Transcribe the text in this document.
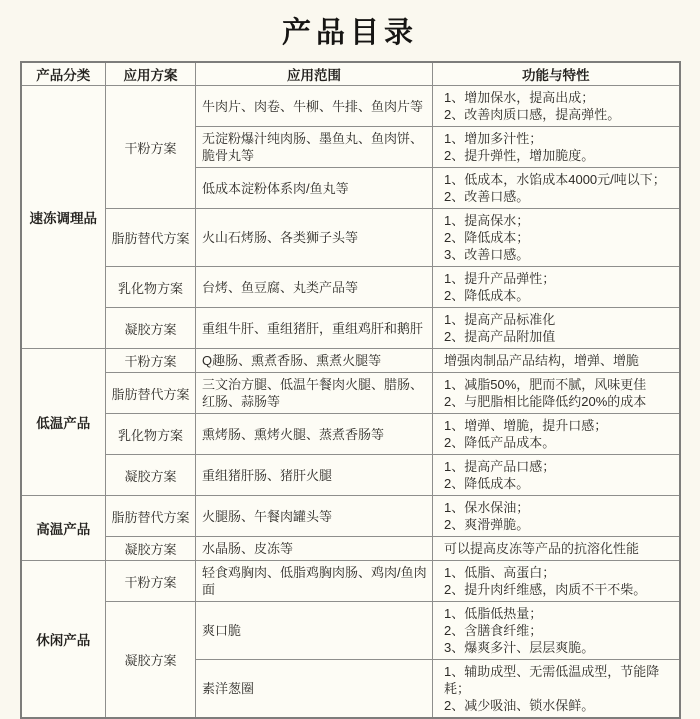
产品目录
产品分类	应用方案	应用范围	功能与特性
速冻调理品	干粉方案	牛肉片、肉卷、牛柳、牛排、鱼肉片等	1、增加保水，提高出成；
2、改善肉质口感，提高弹性。

		无淀粉爆汁纯肉肠、墨鱼丸、鱼肉饼、脆骨丸等	1、增加多汁性；
2、提升弹性，增加脆度。

		低成本淀粉体系肉/鱼丸等	1、低成本，水馅成本4000元/吨以下；
2、改善口感。

	脂肪替代方案	火山石烤肠、各类狮子头等	1、提高保水；
2、降低成本；
3、改善口感。

	乳化物方案	台烤、鱼豆腐、丸类产品等	1、提升产品弹性；
2、降低成本。

	凝胶方案	重组牛肝、重组猪肝，重组鸡肝和鹅肝	1、提高产品标准化
2、提高产品附加值

低温产品	干粉方案	Q趣肠、熏煮香肠、熏煮火腿等	增强肉制品产品结构，增弹、增脆

	脂肪替代方案	三文治方腿、低温午餐肉火腿、腊肠、红肠、蒜肠等	1、减脂50%，肥而不腻，风味更佳
2、与肥脂相比能降低约20%的成本

	乳化物方案	熏烤肠、熏烤火腿、蒸煮香肠等	1、增弹、增脆，提升口感；
2、降低产品成本。

	凝胶方案	重组猪肝肠、猪肝火腿	1、提高产品口感；
2、降低成本。

高温产品	脂肪替代方案	火腿肠、午餐肉罐头等	1、保水保油；
2、爽滑弹脆。

	凝胶方案	水晶肠、皮冻等	可以提高皮冻等产品的抗溶化性能

休闲产品	干粉方案	轻食鸡胸肉、低脂鸡胸肉肠、鸡肉/鱼肉面	1、低脂、高蛋白；
2、提升肉纤维感，肉质不干不柴。

	凝胶方案	爽口脆	1、低脂低热量；
2、含膳食纤维；
3、爆爽多汁、层层爽脆。

		素洋葱圈	1、辅助成型、无需低温成型，节能降耗；
2、减少吸油、锁水保鲜。
